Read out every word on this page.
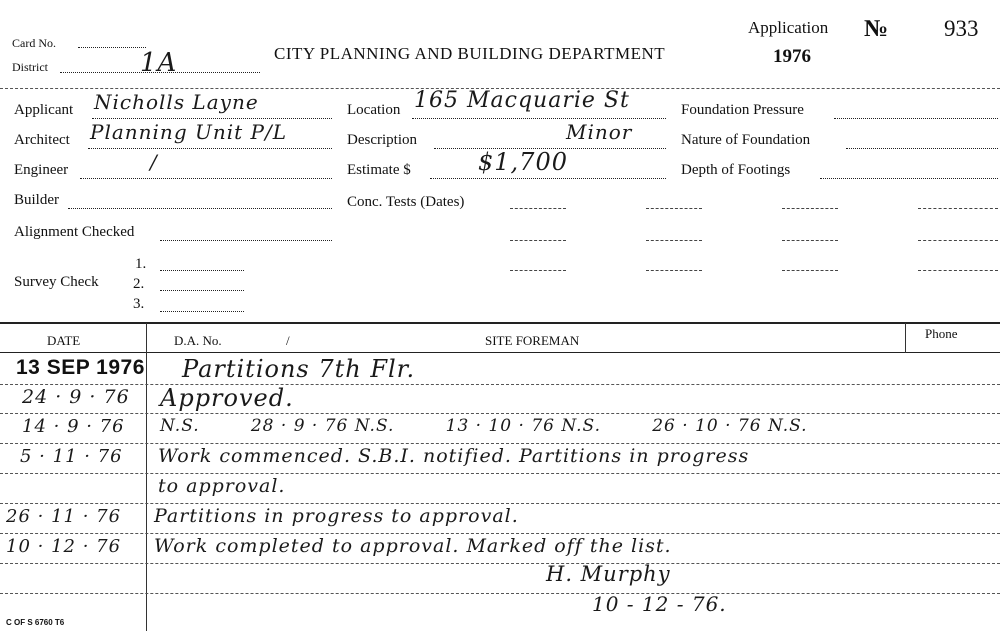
Card No.
District	1A	CITY PLANNING AND BUILDING DEPARTMENT
Application
1976
№ 933
Applicant Nicholls Layne
Architect Planning Unit P/L
Engineer	/
Builder
Alignment Checked
Survey Check
1.
2.
3.
Location 165 Macquarie St
Description	Minor
Estimate $	$1,700
Conc. Tests (Dates)
Foundation Pressure
Nature of Foundation
Depth of Footings
DATE	D.A. No.	/	SITE FOREMAN	Phone
13 SEP 1976 Partitions 7th Flr.
24 · 9 · 76 Approved.
14 · 9 · 76 N.S.        28 · 9 · 76 N.S.        13 · 10 · 76 N.S.        26 · 10 · 76 N.S.
5 · 11 · 76 Work commenced. S.B.I. notified. Partitions in progress
to approval.
26 · 11 · 76 Partitions in progress to approval.
10 · 12 · 76 Work completed to approval. Marked off the list.
H. Murphy
10 - 12 - 76.
C OF S 6760 T6
